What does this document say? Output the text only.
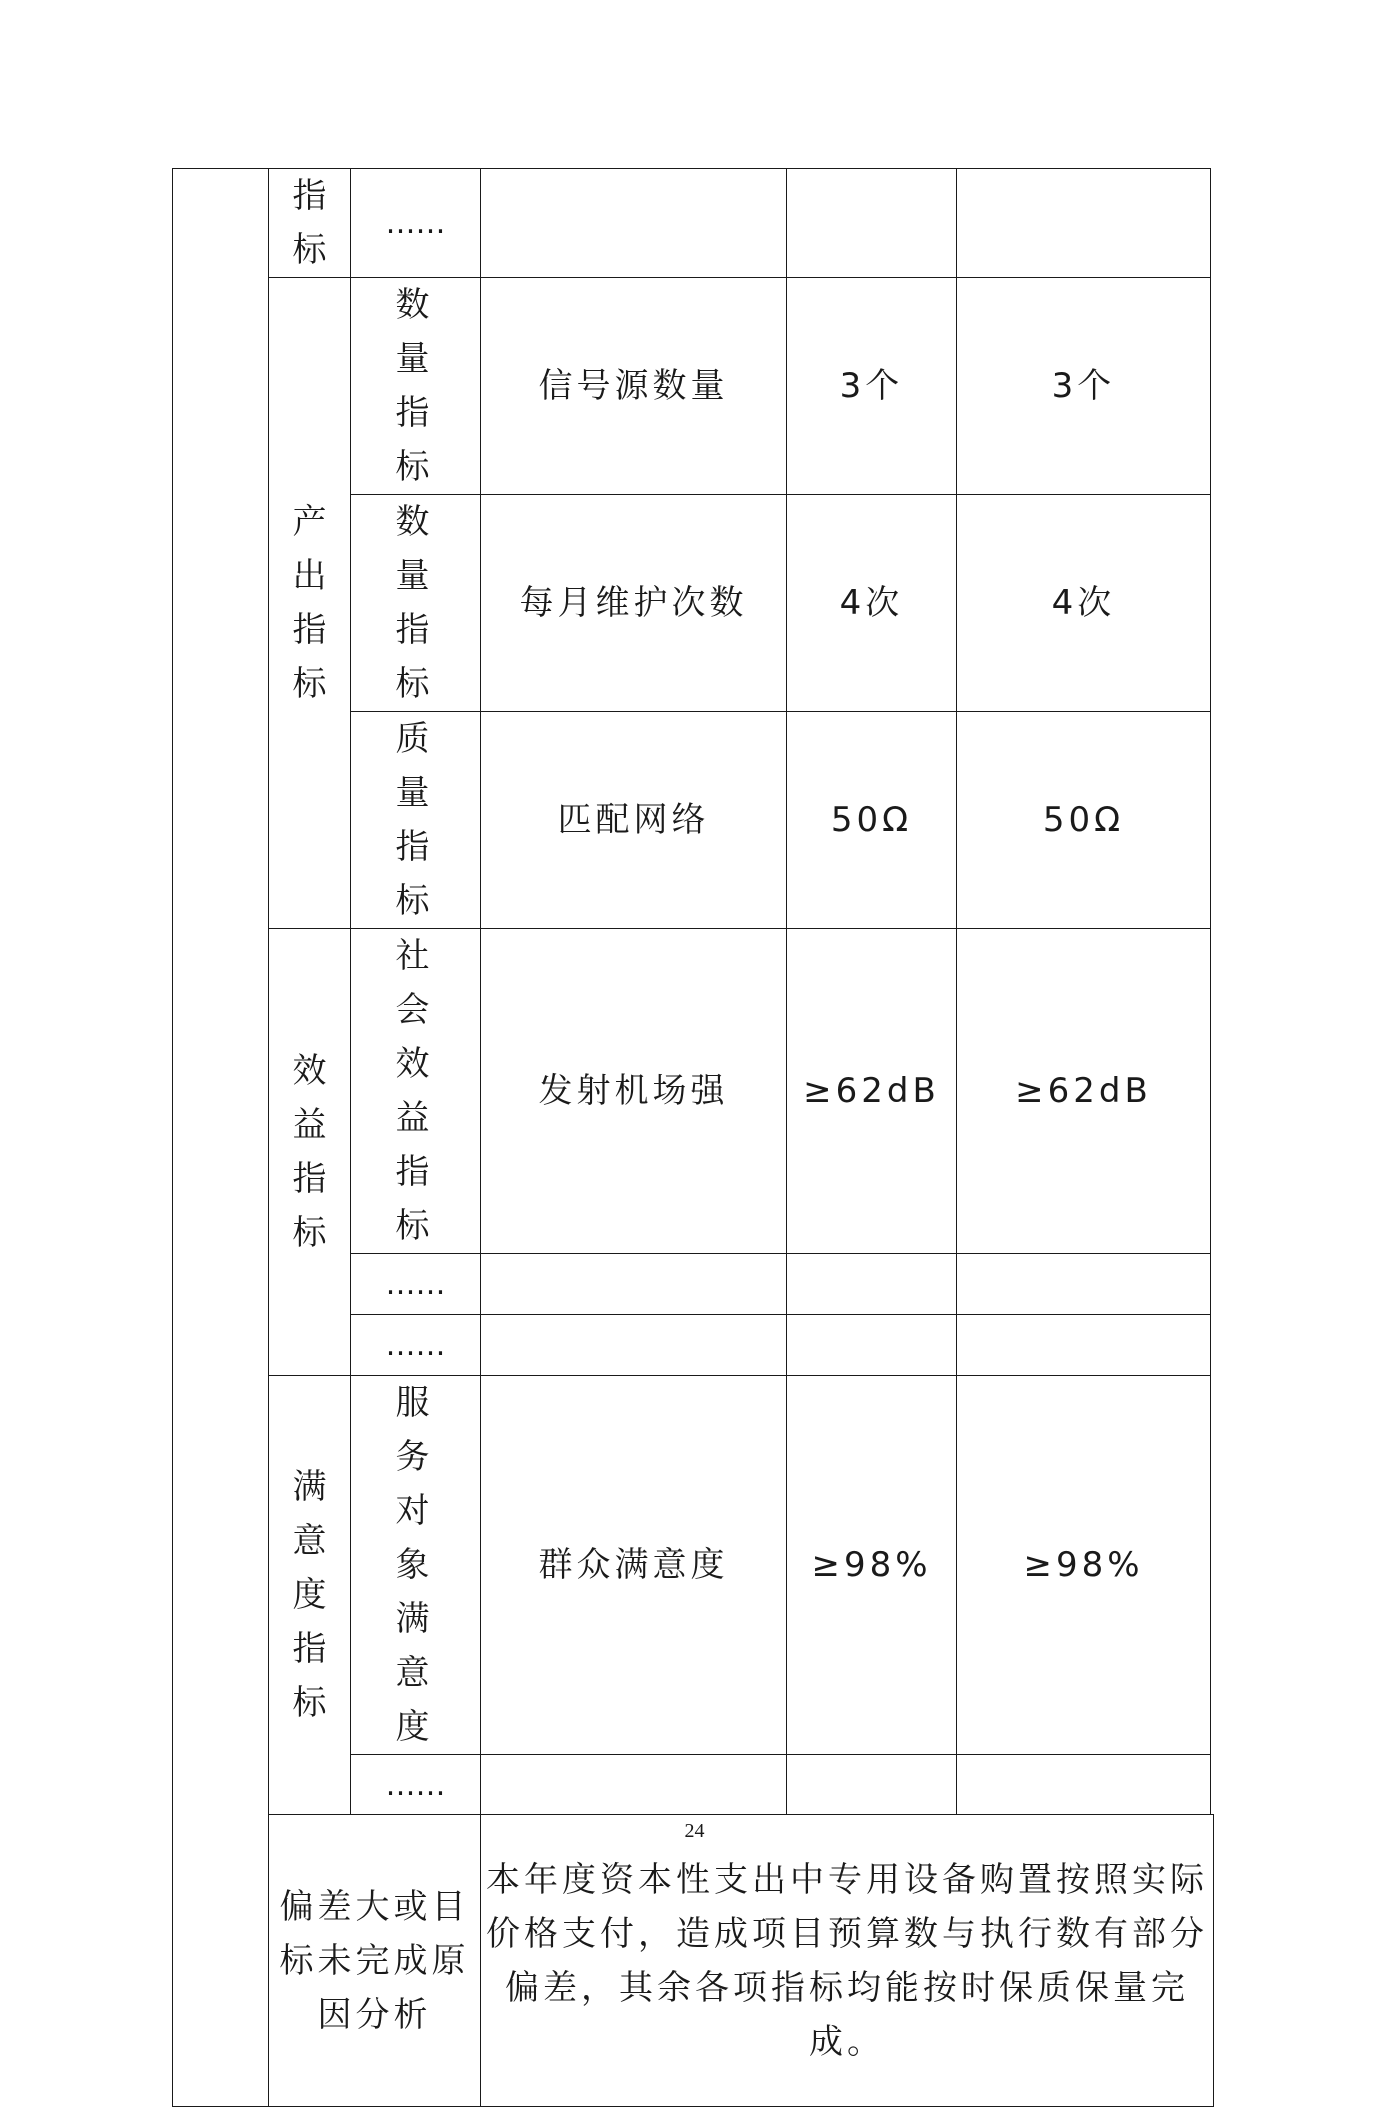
	指标	……			
	产出指标	数量指标	信号源数量	3个	3个
		数量指标	每月维护次数	4次	4次
		质量指标	匹配网络	50Ω	50Ω
	效益指标	社会效益指标	发射机场强	≥62dB	≥62dB
		……			
		……			
	满意度指标	服务对象满意度	群众满意度	≥98%	≥98%
		……			
	偏差大或目标未完成原因分析		本年度资本性支出中专用设备购置按照实际价格支付，造成项目预算数与执行数有部分偏差，其余各项指标均能按时保质保量完成。		
24
